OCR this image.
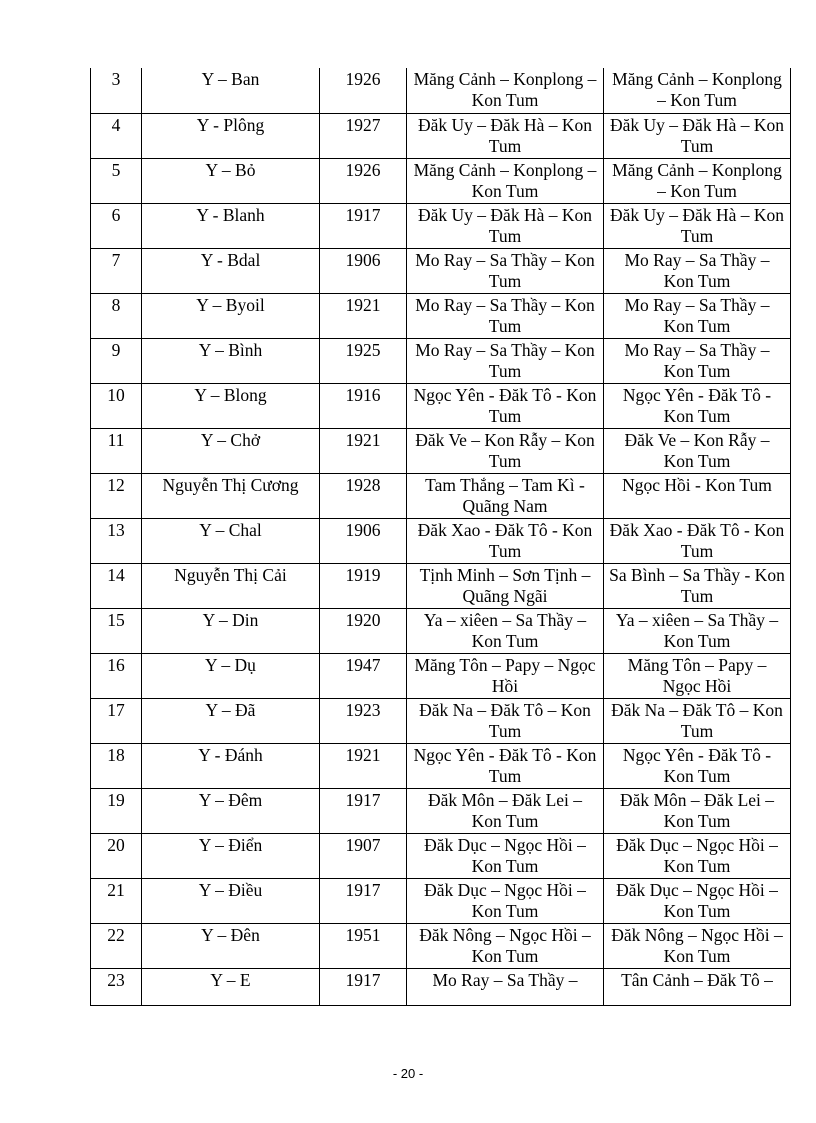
3	Y – Ban	1926	Măng Cảnh – Konplong – Kon Tum	Măng Cảnh – Konplong – Kon Tum
4	Y - Plông	1927	Đăk Uy – Đăk Hà – Kon Tum	Đăk Uy – Đăk Hà – Kon Tum
5	Y – Bỏ	1926	Măng Cảnh – Konplong – Kon Tum	Măng Cảnh – Konplong – Kon Tum
6	Y - Blanh	1917	Đăk Uy – Đăk Hà – Kon Tum	Đăk Uy – Đăk Hà – Kon Tum
7	Y - Bdal	1906	Mo Ray – Sa Thầy – Kon Tum	Mo Ray – Sa Thầy – Kon Tum
8	Y – Byoil	1921	Mo Ray – Sa Thầy – Kon Tum	Mo Ray – Sa Thầy – Kon Tum
9	Y – Bình	1925	Mo Ray – Sa Thầy – Kon Tum	Mo Ray – Sa Thầy – Kon Tum
10	Y – Blong	1916	Ngọc Yên - Đăk Tô - Kon Tum	Ngọc Yên - Đăk Tô - Kon Tum
11	Y – Chở	1921	Đăk Ve – Kon Rẫy – Kon Tum	Đăk Ve – Kon Rẫy – Kon Tum
12	Nguyễn Thị Cương	1928	Tam Thắng – Tam Kì - Quãng Nam	Ngọc Hồi - Kon Tum
13	Y – Chal	1906	Đăk Xao - Đăk Tô - Kon Tum	Đăk Xao - Đăk Tô - Kon Tum
14	Nguyễn Thị Cải	1919	Tịnh Minh – Sơn Tịnh – Quãng Ngãi	Sa Bình – Sa Thầy - Kon Tum
15	Y – Din	1920	Ya – xiêen – Sa Thầy – Kon Tum	Ya – xiêen – Sa Thầy – Kon Tum
16	Y – Dụ	1947	Măng Tôn – Papy – Ngọc Hồi	Măng Tôn – Papy – Ngọc Hồi
17	Y – Đã	1923	Đăk Na – Đăk Tô – Kon Tum	Đăk Na – Đăk Tô – Kon Tum
18	Y - Đánh	1921	Ngọc Yên - Đăk Tô - Kon Tum	Ngọc Yên - Đăk Tô - Kon Tum
19	Y – Đêm	1917	Đăk Môn – Đăk Lei – Kon Tum	Đăk Môn – Đăk Lei – Kon Tum
20	Y – Điển	1907	Đăk Dục – Ngọc Hồi – Kon Tum	Đăk Dục – Ngọc Hồi – Kon Tum
21	Y – Điều	1917	Đăk Dục – Ngọc Hồi – Kon Tum	Đăk Dục – Ngọc Hồi – Kon Tum
22	Y – Đên	1951	Đăk Nông – Ngọc Hồi – Kon Tum	Đăk Nông – Ngọc Hồi – Kon Tum
23	Y – E	1917	Mo Ray – Sa Thầy –	Tân Cảnh – Đăk Tô –
- 20 -
